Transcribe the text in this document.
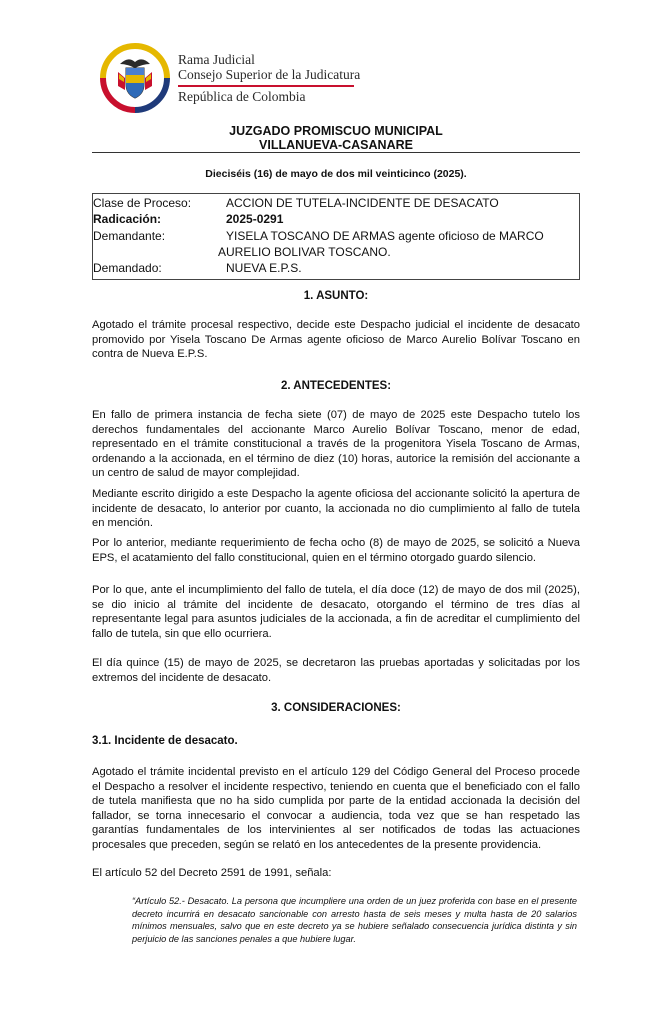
Rama Judicial
Consejo Superior de la Judicatura
República de Colombia
JUZGADO PROMISCUO MUNICIPAL
VILLANUEVA-CASANARE
Dieciséis (16) de mayo de dos mil veinticinco (2025).
Clase de Proceso:	ACCION DE TUTELA-INCIDENTE DE DESACATO
Radicación:	2025-0291
Demandante:	YISELA TOSCANO DE ARMAS agente oficioso de MARCO
AURELIO BOLIVAR TOSCANO.
Demandado:	NUEVA E.P.S.
1. ASUNTO:
Agotado el trámite procesal respectivo, decide este Despacho judicial el incidente de desacato promovido por Yisela Toscano De Armas agente oficioso de Marco Aurelio Bolívar Toscano en contra de Nueva E.P.S.
2. ANTECEDENTES:
En fallo de primera instancia de fecha siete (07) de mayo de 2025 este Despacho tutelo los derechos fundamentales del accionante Marco Aurelio Bolívar Toscano, menor de edad, representado en el trámite constitucional a través de la progenitora Yisela Toscano de Armas, ordenando a la accionada, en el término de diez (10) horas, autorice la remisión del accionante a un centro de salud de mayor complejidad.
Mediante escrito dirigido a este Despacho la agente oficiosa del accionante solicitó la apertura de incidente de desacato, lo anterior por cuanto, la accionada no dio cumplimiento al fallo de tutela en mención.
Por lo anterior, mediante requerimiento de fecha ocho (8) de mayo de 2025, se solicitó a Nueva EPS, el acatamiento del fallo constitucional, quien en el término otorgado guardo silencio.
Por lo que, ante el incumplimiento del fallo de tutela, el día doce (12) de mayo de dos mil (2025), se dio inicio al trámite del incidente de desacato, otorgando el término de tres días al representante legal para asuntos judiciales de la accionada, a fin de acreditar el cumplimiento del fallo de tutela, sin que ello ocurriera.
El día quince (15) de mayo de 2025, se decretaron las pruebas aportadas y solicitadas por los extremos del incidente de desacato.
3. CONSIDERACIONES:
3.1. Incidente de desacato.
Agotado el trámite incidental previsto en el artículo 129 del Código General del Proceso procede el Despacho a resolver el incidente respectivo, teniendo en cuenta que el beneficiado con el fallo de tutela manifiesta que no ha sido cumplida por parte de la entidad accionada la decisión del fallador, se torna innecesario el convocar a audiencia, toda vez que se han respetado las garantías fundamentales de los intervinientes al ser notificados de todas las actuaciones procesales que preceden, según se relató en los antecedentes de la presente providencia.
El artículo 52 del Decreto 2591 de 1991, señala:
“Artículo 52.- Desacato. La persona que incumpliere una orden de un juez proferida con base en el presente decreto incurrirá en desacato sancionable con arresto hasta de seis meses y multa hasta de 20 salarios mínimos mensuales, salvo que en este decreto ya se hubiere señalado consecuencia jurídica distinta y sin perjuicio de las sanciones penales a que hubiere lugar.
